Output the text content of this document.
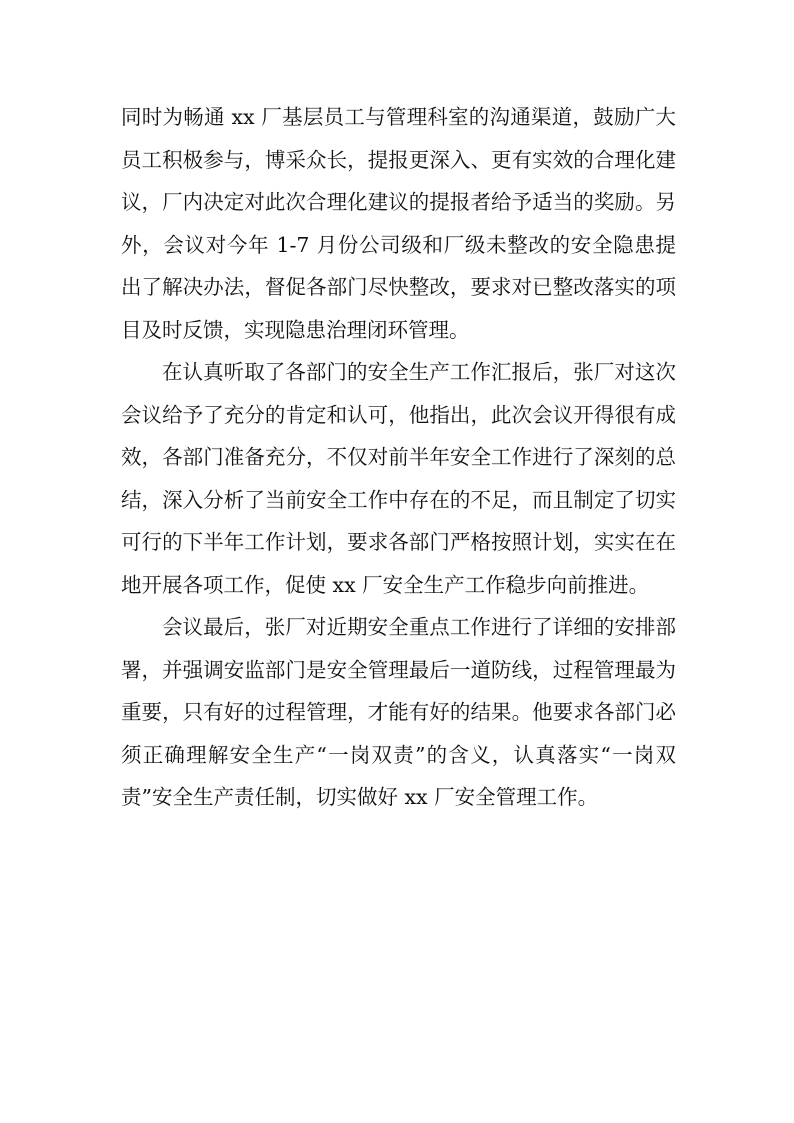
同时为畅通 xx 厂基层员工与管理科室的沟通渠道，鼓励广大员工积极参与，博采众长，提报更深入、更有实效的合理化建议，厂内决定对此次合理化建议的提报者给予适当的奖励。另外，会议对今年 1-7 月份公司级和厂级未整改的安全隐患提出了解决办法，督促各部门尽快整改，要求对已整改落实的项目及时反馈，实现隐患治理闭环管理。

在认真听取了各部门的安全生产工作汇报后，张厂对这次会议给予了充分的肯定和认可，他指出，此次会议开得很有成效，各部门准备充分，不仅对前半年安全工作进行了深刻的总结，深入分析了当前安全工作中存在的不足，而且制定了切实可行的下半年工作计划，要求各部门严格按照计划，实实在在地开展各项工作，促使 xx 厂安全生产工作稳步向前推进。

会议最后，张厂对近期安全重点工作进行了详细的安排部署，并强调安监部门是安全管理最后一道防线，过程管理最为重要，只有好的过程管理，才能有好的结果。他要求各部门必须正确理解安全生产“一岗双责”的含义，认真落实“一岗双责”安全生产责任制，切实做好 xx 厂安全管理工作。
